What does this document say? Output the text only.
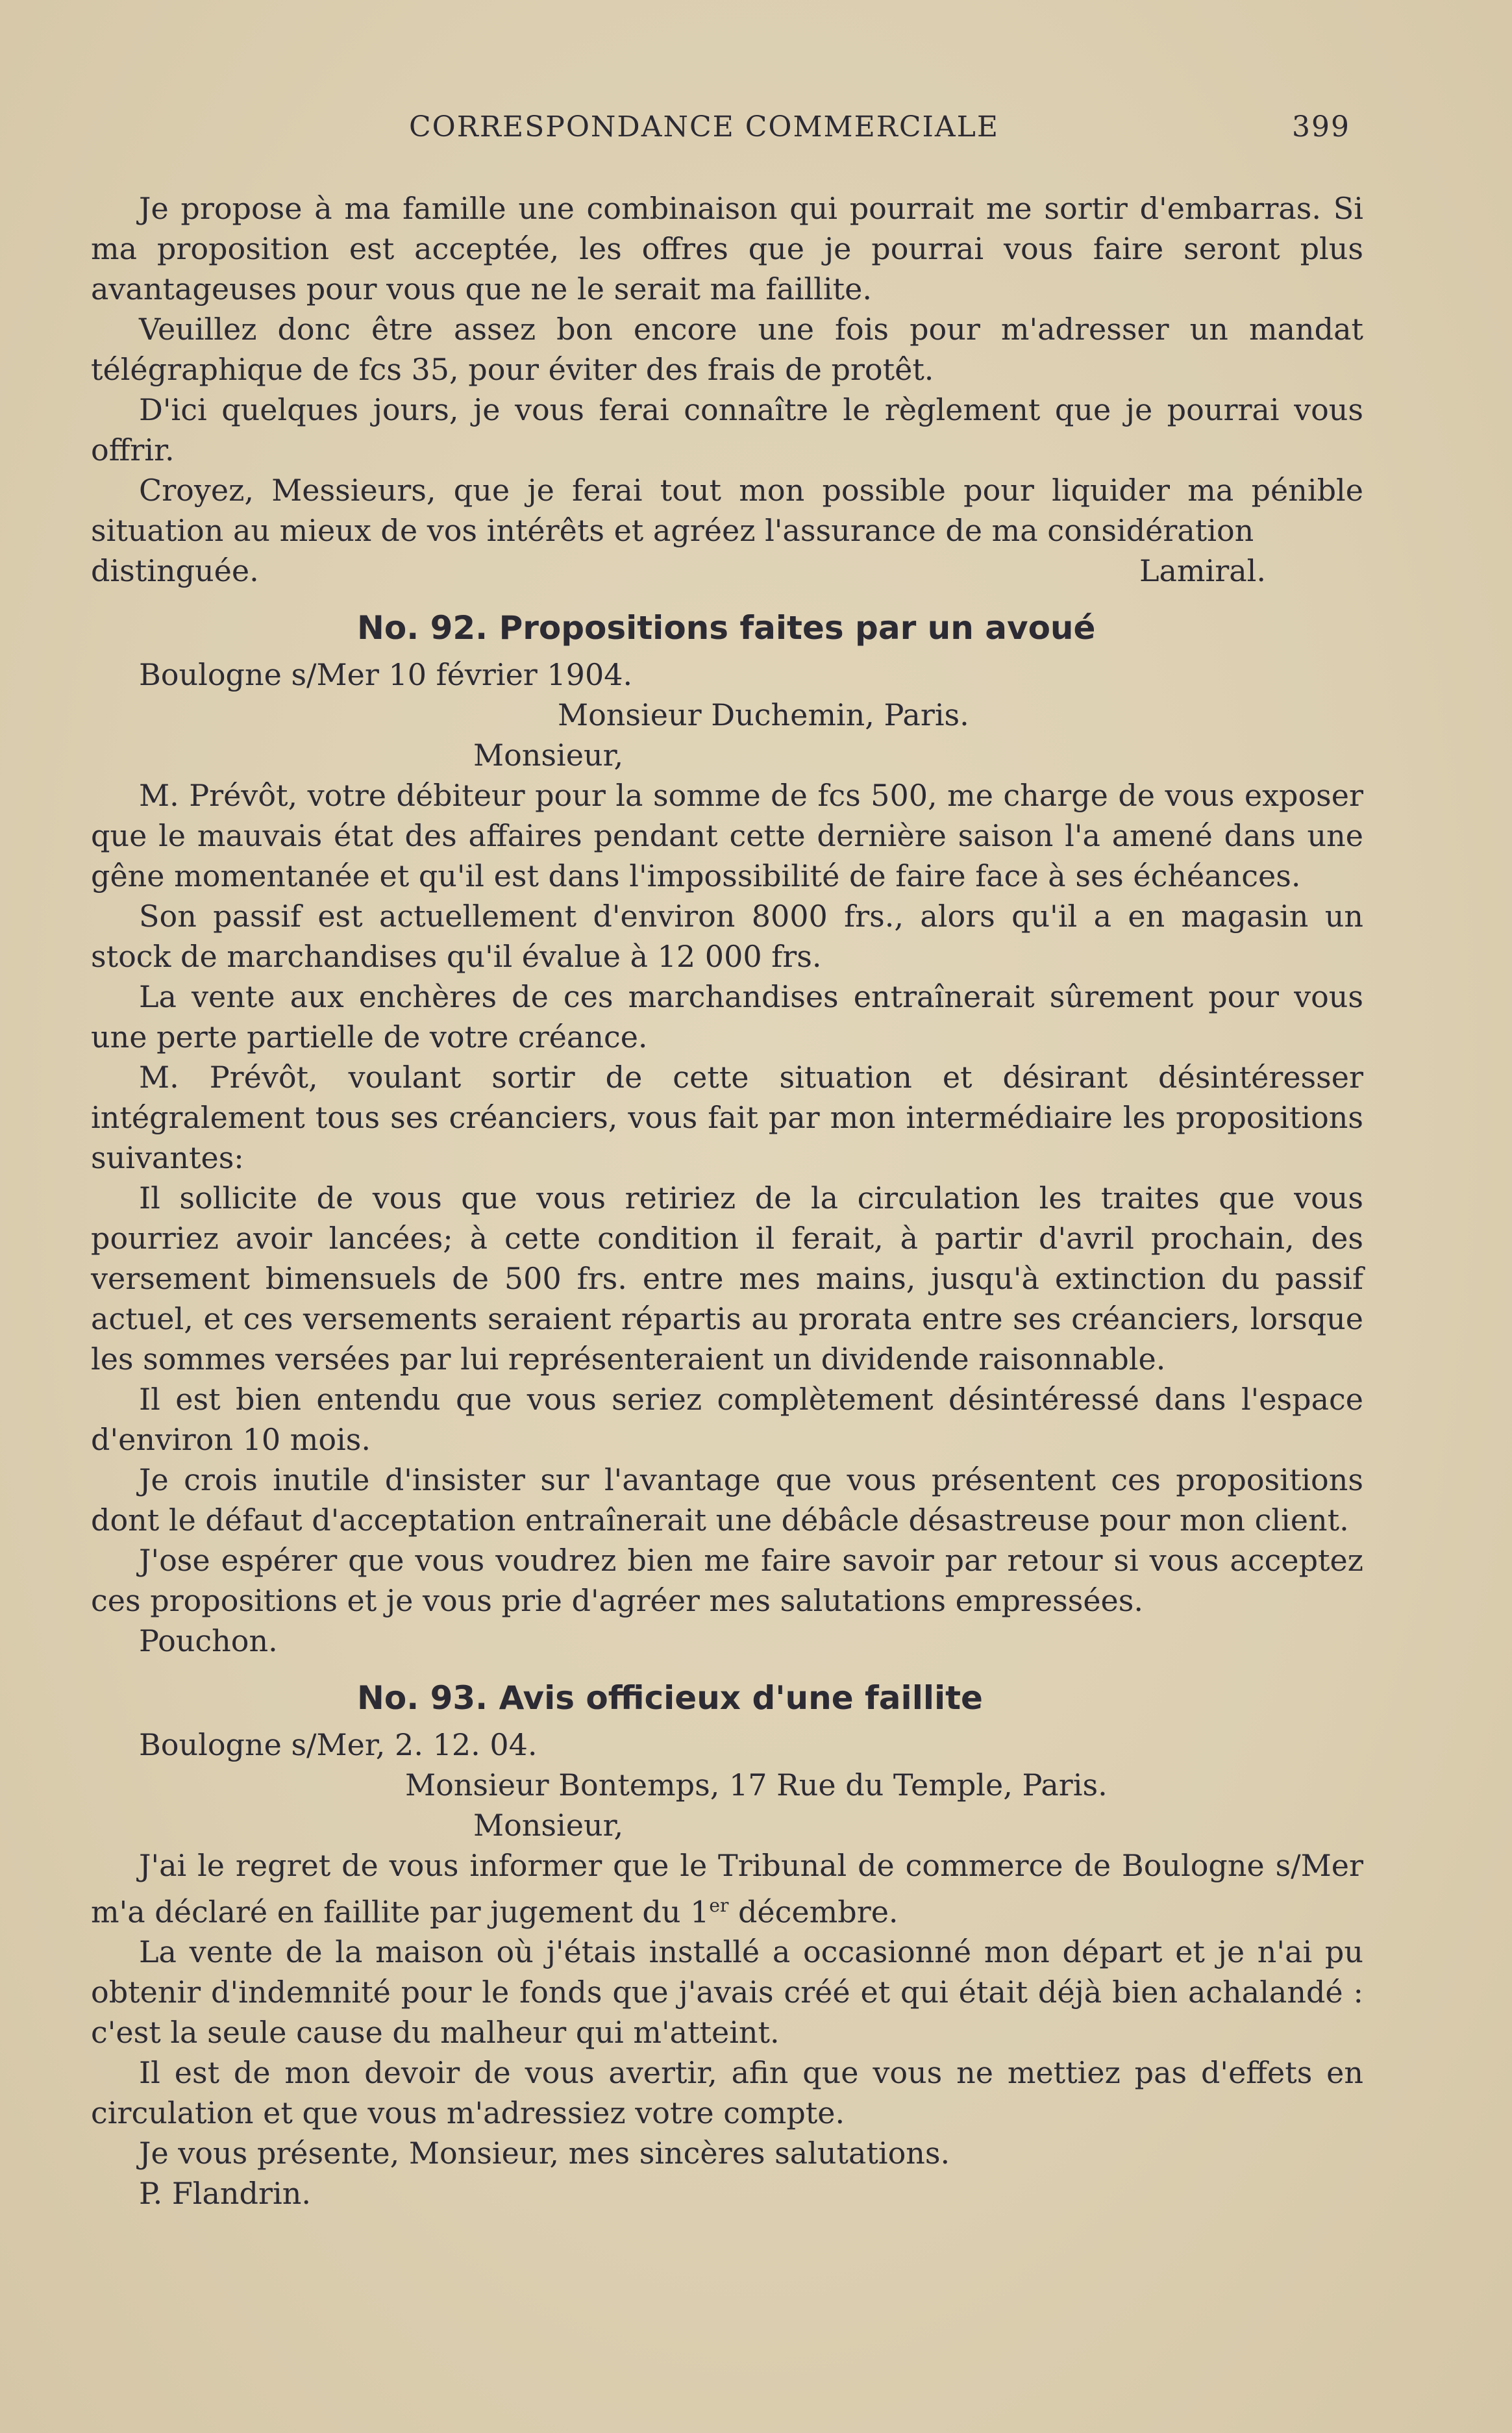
CORRESPONDANCE COMMERCIALE	399

Je propose à ma famille une combinaison qui pourrait me sortir d'embarras. Si ma proposition est acceptée, les offres que je pourrai vous faire seront plus avantageuses pour vous que ne le serait ma faillite.

Veuillez donc être assez bon encore une fois pour m'adresser un mandat télégraphique de fcs 35, pour éviter des frais de protêt.

D'ici quelques jours, je vous ferai connaître le règlement que je pourrai vous offrir.

Croyez, Messieurs, que je ferai tout mon possible pour liquider ma pénible situation au mieux de vos intérêts et agréez l'assurance de ma considération

distinguée.	Lamiral.
No. 92. Propositions faites par un avoué

Boulogne s/Mer 10 février 1904.

Monsieur Duchemin, Paris.

Monsieur,

M. Prévôt, votre débiteur pour la somme de fcs 500, me charge de vous exposer que le mauvais état des affaires pendant cette dernière saison l'a amené dans une gêne momentanée et qu'il est dans l'impossibilité de faire face à ses échéances.

Son passif est actuellement d'environ 8000 frs., alors qu'il a en magasin un stock de marchandises qu'il évalue à 12 000 frs.

La vente aux enchères de ces marchandises entraînerait sûrement pour vous une perte partielle de votre créance.

M. Prévôt, voulant sortir de cette situation et désirant désintéresser intégralement tous ses créanciers, vous fait par mon intermédiaire les propositions suivantes:

Il sollicite de vous que vous retiriez de la circulation les traites que vous pourriez avoir lancées; à cette condition il ferait, à partir d'avril prochain, des versement bimensuels de 500 frs. entre mes mains, jusqu'à extinction du passif actuel, et ces versements seraient répartis au prorata entre ses créanciers, lorsque les sommes versées par lui représenteraient un dividende raisonnable.

Il est bien entendu que vous seriez complètement désintéressé dans l'espace d'environ 10 mois.

Je crois inutile d'insister sur l'avantage que vous présentent ces propositions dont le défaut d'acceptation entraînerait une débâcle désastreuse pour mon client.

J'ose espérer que vous voudrez bien me faire savoir par retour si vous acceptez ces propositions et je vous prie d'agréer mes salutations empressées.

Pouchon.

No. 93. Avis officieux d'une faillite

Boulogne s/Mer, 2. 12. 04.

Monsieur Bontemps, 17 Rue du Temple, Paris.

Monsieur,

J'ai le regret de vous informer que le Tribunal de commerce de Boulogne s/Mer m'a déclaré en faillite par jugement du 1er décembre.

La vente de la maison où j'étais installé a occasionné mon départ et je n'ai pu obtenir d'indemnité pour le fonds que j'avais créé et qui était déjà bien achalandé : c'est la seule cause du malheur qui m'atteint.

Il est de mon devoir de vous avertir, afin que vous ne mettiez pas d'effets en circulation et que vous m'adressiez votre compte.

Je vous présente, Monsieur, mes sincères salutations.

P. Flandrin.
